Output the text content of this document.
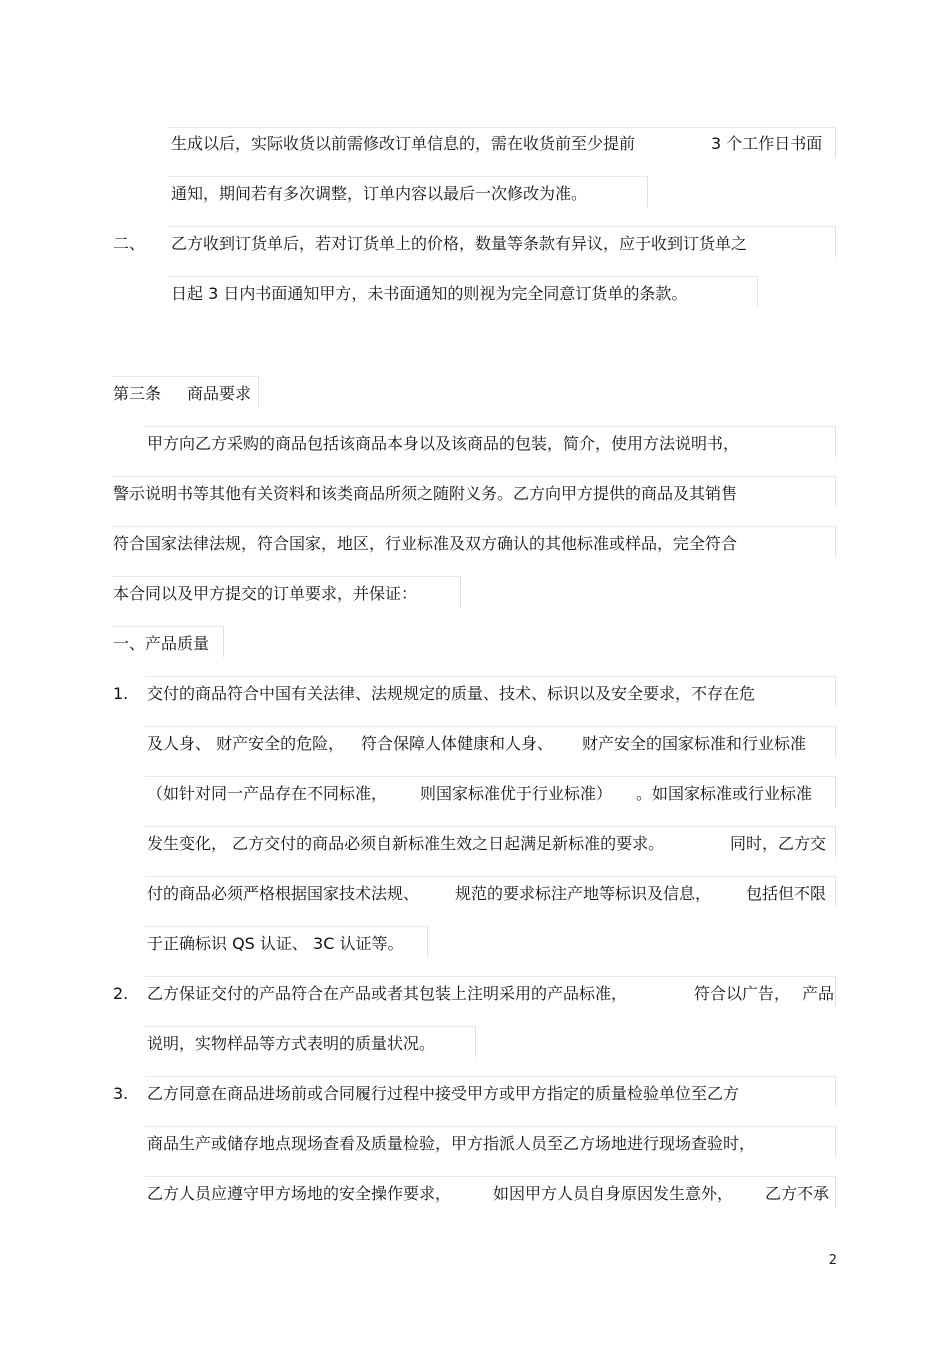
生成以后，实际收货以前需修改订单信息的，需在收货前至少提前	3 个工作日书面
通知，期间若有多次调整，订单内容以最后一次修改为准。
二、 乙方收到订货单后，若对订货单上的价格，数量等条款有异议，应于收到订货单之
日起 3 日内书面通知甲方，未书面通知的则视为完全同意订货单的条款。
第三条 商品要求
甲方向乙方采购的商品包括该商品本身以及该商品的包装，简介，使用方法说明书，
警示说明书等其他有关资料和该类商品所须之随附义务。乙方向甲方提供的商品及其销售
符合国家法律法规，符合国家，地区，行业标准及双方确认的其他标准或样品，完全符合
本合同以及甲方提交的订单要求，并保证：
一、产品质量
1. 交付的商品符合中国有关法律、法规规定的质量、技术、标识以及安全要求，不存在危
及人身、 财产安全的危险， 符合保障人体健康和人身、 财产安全的国家标准和行业标准
（如针对同一产品存在不同标准， 则国家标准优于行业标准） 。如国家标准或行业标准
发生变化， 乙方交付的商品必须自新标准生效之日起满足新标准的要求。	同时，乙方交
付的商品必须严格根据国家技术法规、 规范的要求标注产地等标识及信息， 包括但不限
于正确标识 QS 认证、 3C 认证等。
2. 乙方保证交付的产品符合在产品或者其包装上注明采用的产品标准，	符合以广告， 产品
说明，实物样品等方式表明的质量状况。
3. 乙方同意在商品进场前或合同履行过程中接受甲方或甲方指定的质量检验单位至乙方
商品生产或储存地点现场查看及质量检验，甲方指派人员至乙方场地进行现场查验时，
乙方人员应遵守甲方场地的安全操作要求，	如因甲方人员自身原因发生意外， 乙方不承
2
